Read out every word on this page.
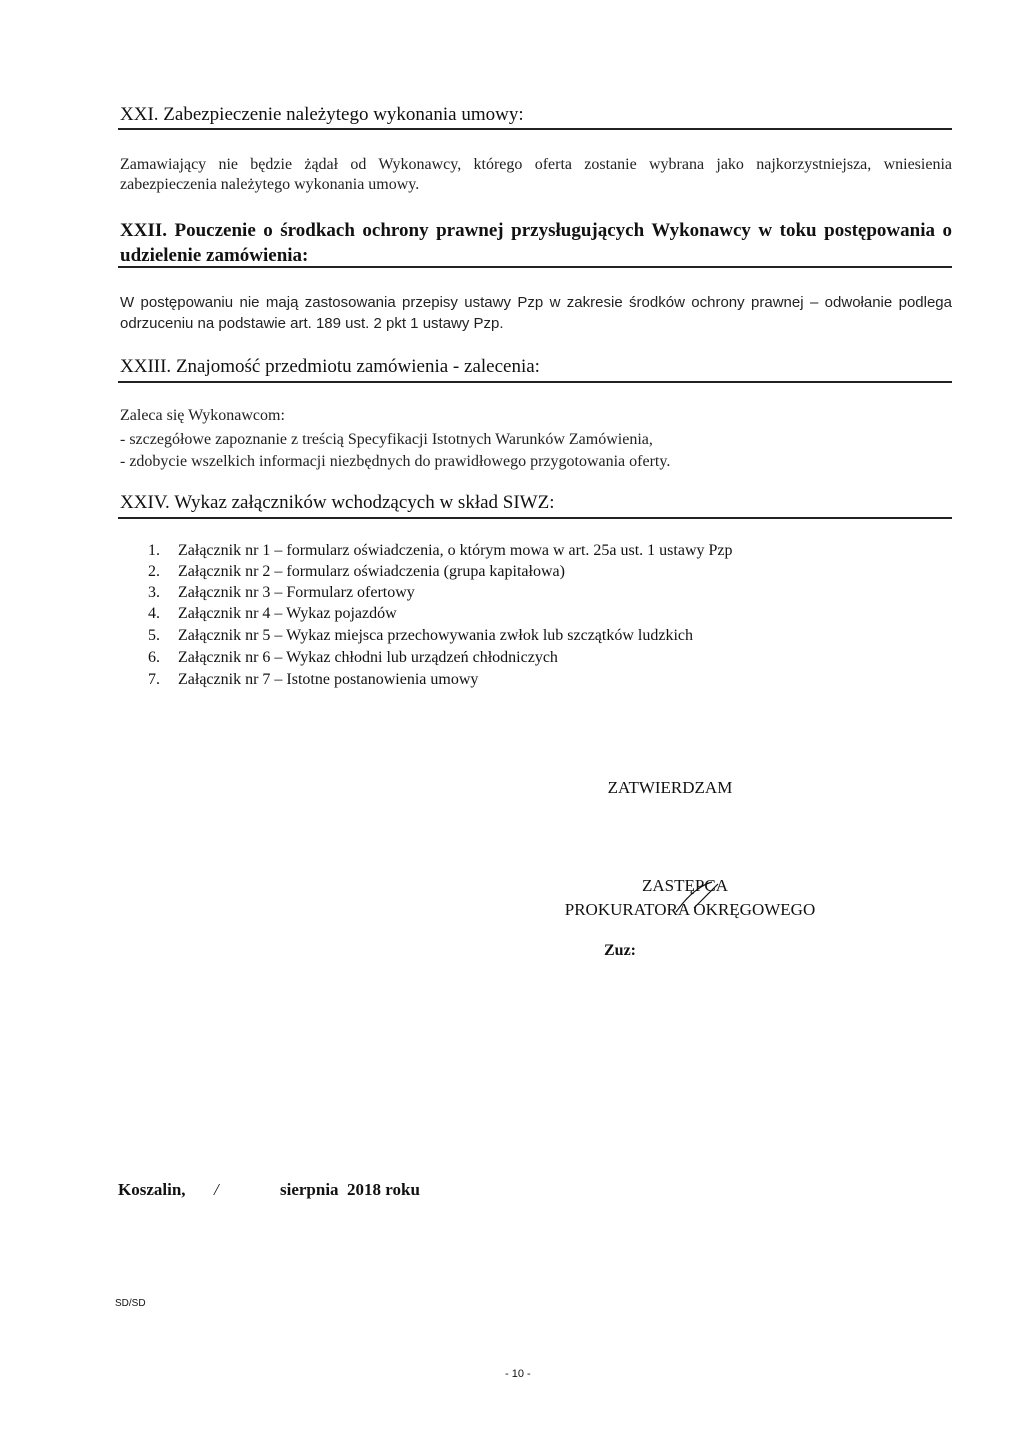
XXI. Zabezpieczenie należytego wykonania umowy:
Zamawiający nie będzie żądał od Wykonawcy, którego oferta zostanie wybrana jako najkorzystniejsza, wniesienia zabezpieczenia należytego wykonania umowy.
XXII. Pouczenie o środkach ochrony prawnej przysługujących Wykonawcy w toku postępowania o udzielenie zamówienia:
W postępowaniu nie mają zastosowania przepisy ustawy Pzp w zakresie środków ochrony prawnej – odwołanie podlega odrzuceniu na podstawie art. 189 ust. 2 pkt 1 ustawy Pzp.
XXIII. Znajomość przedmiotu zamówienia - zalecenia:
Zaleca się Wykonawcom:
- szczegółowe zapoznanie z treścią Specyfikacji Istotnych Warunków Zamówienia,
- zdobycie wszelkich informacji niezbędnych do prawidłowego przygotowania oferty.
XXIV. Wykaz załączników wchodzących w skład SIWZ:
1. Załącznik nr 1 – formularz oświadczenia, o którym mowa w art. 25a ust. 1 ustawy Pzp
2. Załącznik nr 2 – formularz oświadczenia (grupa kapitałowa)
3. Załącznik nr 3 – Formularz ofertowy
4. Załącznik nr 4 – Wykaz pojazdów
5. Załącznik nr 5 – Wykaz miejsca przechowywania zwłok lub szczątków ludzkich
6. Załącznik nr 6 – Wykaz chłodni lub urządzeń chłodniczych
7. Załącznik nr 7 – Istotne postanowienia umowy
ZATWIERDZAM
ZASTĘPCA
PROKURATORA OKRĘGOWEGO
Zuz:
Koszalin, /	sierpnia  2018 roku
SD/SD
- 10 -
